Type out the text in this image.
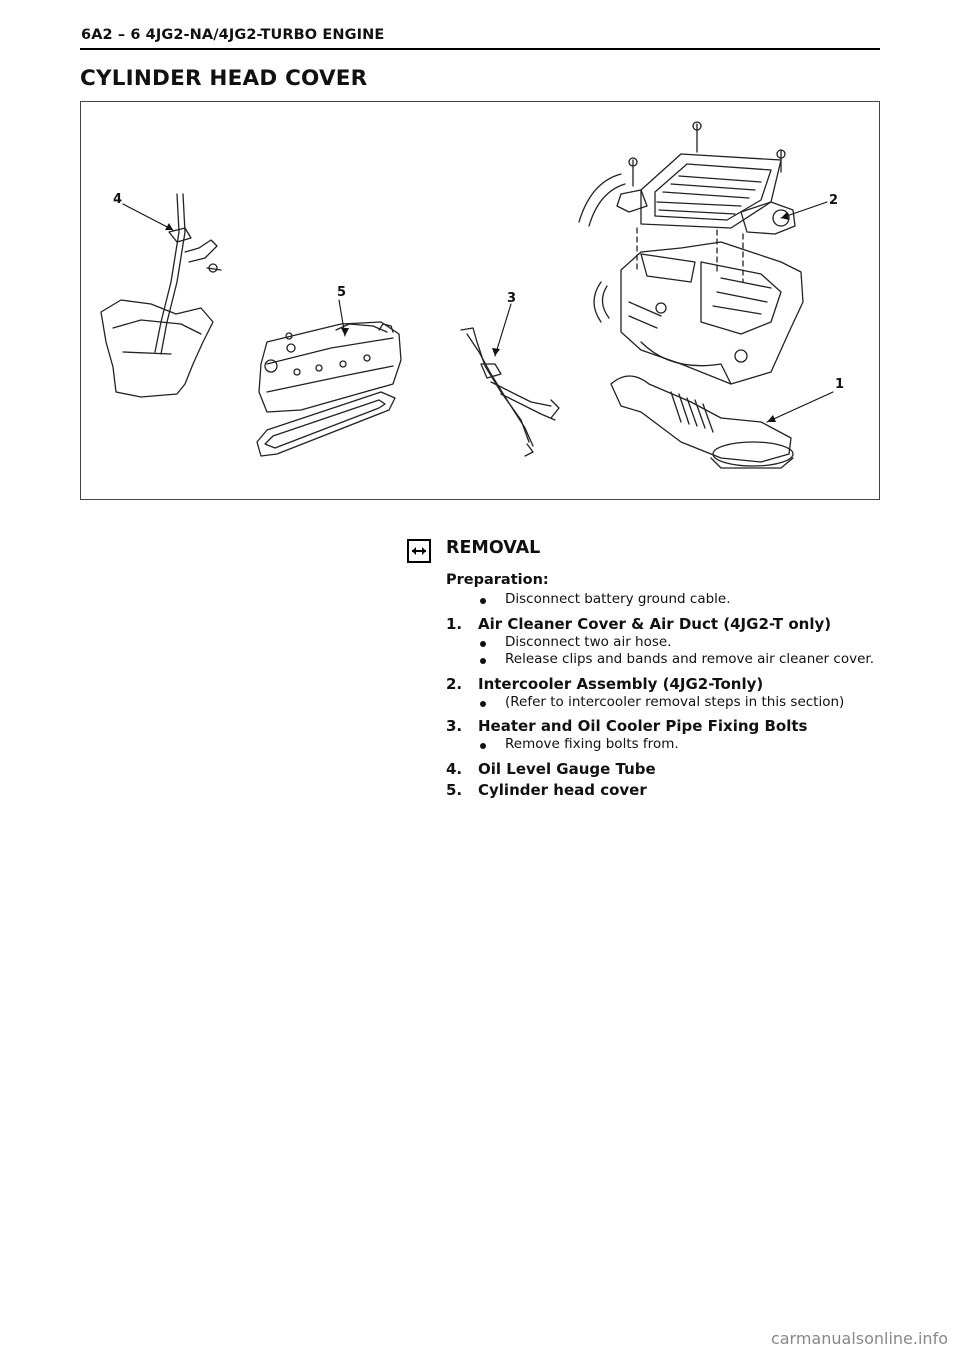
6A2 – 6 4JG2-NA/4JG2-TURBO ENGINE
CYLINDER HEAD COVER
4
5	3
2
1
REMOVAL
Preparation:
Disconnect battery ground cable.
1.	Air Cleaner Cover & Air Duct (4JG2-T only)
Disconnect two air hose.
Release clips and bands and remove air cleaner cover.
2.	Intercooler Assembly (4JG2-Tonly)
(Refer to intercooler removal steps in this section)
3.	Heater and Oil Cooler Pipe Fixing Bolts
Remove fixing bolts from.
4.	Oil Level Gauge Tube
5.	Cylinder head cover
carmanualsonline.info
